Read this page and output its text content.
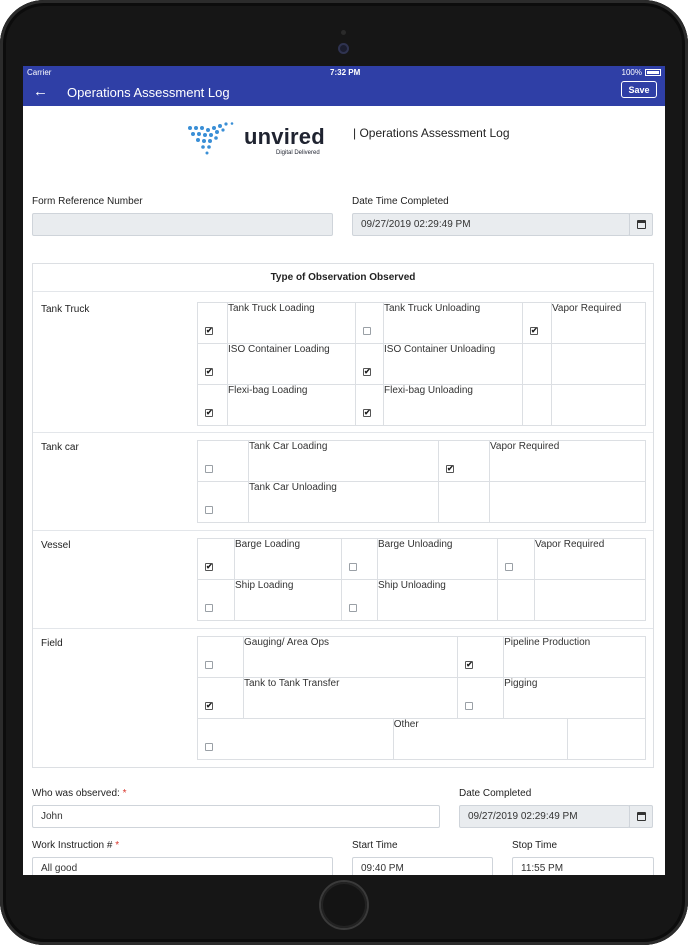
Carrier	7:32 PM	100%
← Operations Assessment Log	Save
unvired
Digital Delivered
| Operations Assessment Log
Form Reference Number	Date Time Completed
09/27/2019 02:29:49 PM
Type of Observation Observed
Tank Truck
✔	Tank Truck Loading		Tank Truck Unloading	✔	Vapor Required

✔	ISO Container Loading	✔	ISO Container Unloading		

✔	Flexi-bag Loading	✔	Flexi-bag Unloading		
Tank car
		Tank Car Loading	✔	Vapor Required

	Tank Car Unloading		
Vessel
✔	Barge Loading		Barge Unloading		Vapor Required

	Ship Loading		Ship Unloading		
Field
		Gauging/ Area Ops		✔	Pipeline Production	

✔	Tank to Tank Transfer			Pigging	

		Other			
Who was observed: *
John
Date Completed
09/27/2019 02:29:49 PM
Work Instruction # *
All good
Start Time
09:40 PM
Stop Time
11:55 PM
